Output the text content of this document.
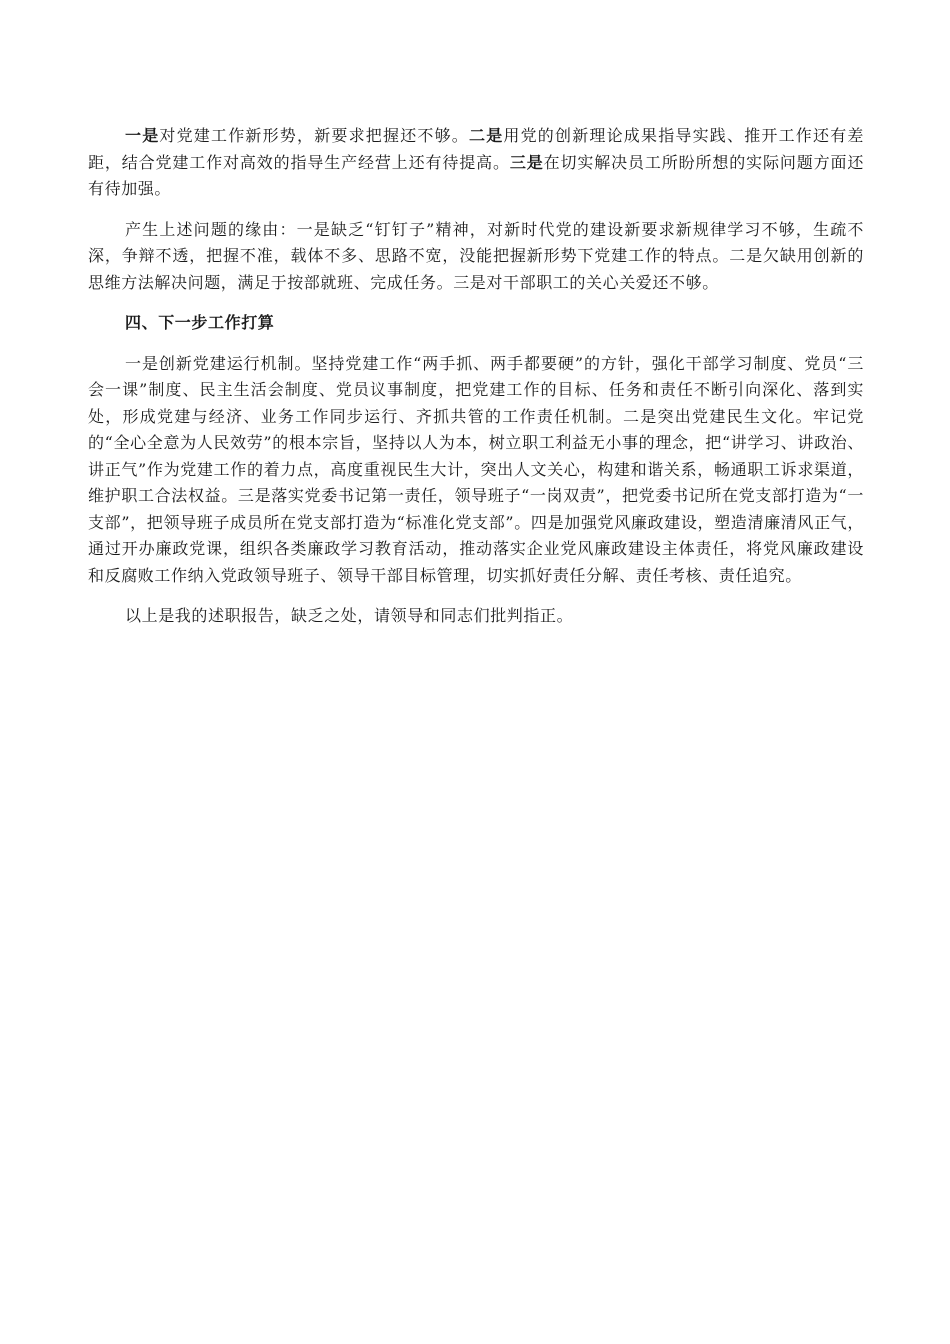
一是对党建工作新形势，新要求把握还不够。二是用党的创新理论成果指导实践、推开工作还有差距，结合党建工作对高效的指导生产经营上还有待提高。三是在切实解决员工所盼所想的实际问题方面还有待加强。

产生上述问题的缘由：一是缺乏“钉钉子”精神，对新时代党的建设新要求新规律学习不够，生疏不深，争辩不透，把握不准，载体不多、思路不宽，没能把握新形势下党建工作的特点。二是欠缺用创新的思维方法解决问题，满足于按部就班、完成任务。三是对干部职工的关心关爱还不够。

四、下一步工作打算

一是创新党建运行机制。坚持党建工作“两手抓、两手都要硬”的方针，强化干部学习制度、党员“三会一课”制度、民主生活会制度、党员议事制度，把党建工作的目标、任务和责任不断引向深化、落到实处，形成党建与经济、业务工作同步运行、齐抓共管的工作责任机制。二是突出党建民生文化。牢记党的“全心全意为人民效劳”的根本宗旨，坚持以人为本，树立职工利益无小事的理念，把“讲学习、讲政治、讲正气”作为党建工作的着力点，高度重视民生大计，突出人文关心，构建和谐关系，畅通职工诉求渠道，维护职工合法权益。三是落实党委书记第一责任，领导班子“一岗双责”，把党委书记所在党支部打造为“一支部”，把领导班子成员所在党支部打造为“标准化党支部”。四是加强党风廉政建设，塑造清廉清风正气，通过开办廉政党课，组织各类廉政学习教育活动，推动落实企业党风廉政建设主体责任，将党风廉政建设和反腐败工作纳入党政领导班子、领导干部目标管理，切实抓好责任分解、责任考核、责任追究。

以上是我的述职报告，缺乏之处，请领导和同志们批判指正。
